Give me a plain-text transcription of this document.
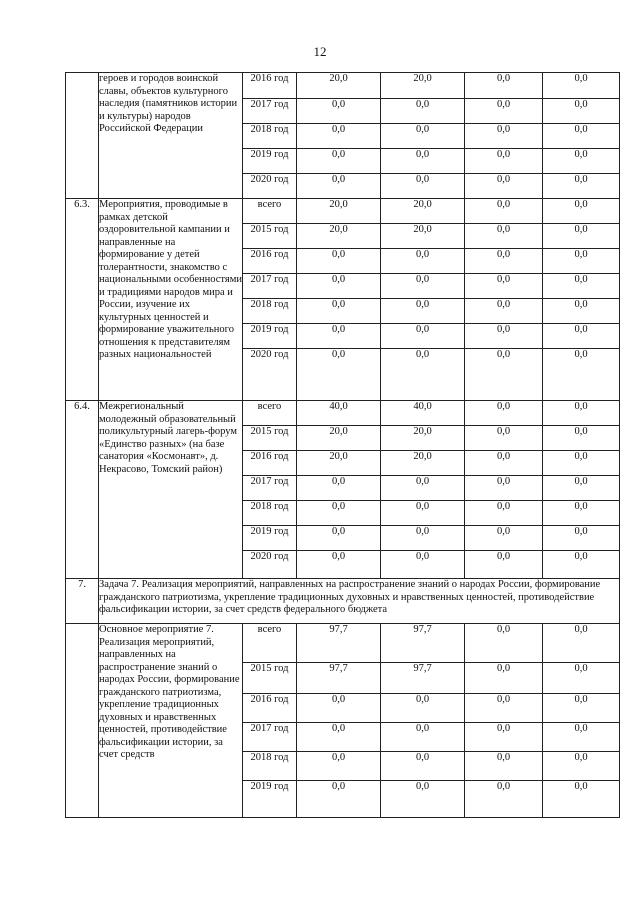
12
	героев и городов воинской славы, объектов культурного наследия (памятников истории и культуры) народов Российской Федерации	2016 год	20,0	20,0	0,0	0,0
		2017 год	0,0	0,0	0,0	0,0
		2018 год	0,0	0,0	0,0	0,0
		2019 год	0,0	0,0	0,0	0,0
		2020 год	0,0	0,0	0,0	0,0
6.3.	Мероприятия, проводимые в рамках детской оздоровительной кампании и направленные на формирование у детей толерантности, знакомство с национальными особенностями и традициями народов мира и России, изучение их культурных ценностей и формирование уважительного отношения к представителям разных национальностей	всего	20,0	20,0	0,0	0,0
		2015 год	20,0	20,0	0,0	0,0
		2016 год	0,0	0,0	0,0	0,0
		2017 год	0,0	0,0	0,0	0,0
		2018 год	0,0	0,0	0,0	0,0
		2019 год	0,0	0,0	0,0	0,0
		2020 год	0,0	0,0	0,0	0,0
6.4.	Межрегиональный молодежный образовательный поликультурный лагерь-форум «Единство разных» (на базе санатория «Космонавт», д. Некрасово, Томский район)	всего	40,0	40,0	0,0	0,0
		2015 год	20,0	20,0	0,0	0,0
		2016 год	20,0	20,0	0,0	0,0
		2017 год	0,0	0,0	0,0	0,0
		2018 год	0,0	0,0	0,0	0,0
		2019 год	0,0	0,0	0,0	0,0
		2020 год	0,0	0,0	0,0	0,0
7.	Задача 7. Реализация мероприятий, направленных на распространение знаний о народах России, формирование гражданского патриотизма, укрепление традиционных духовных и нравственных ценностей, противодействие фальсификации истории, за счет средств федерального бюджета					
	Основное мероприятие 7. Реализация мероприятий, направленных на распространение знаний о народах России, формирование гражданского патриотизма, укрепление традиционных духовных и нравственных ценностей, противодействие фальсификации истории, за счет средств	всего	97,7	97,7	0,0	0,0
		2015 год	97,7	97,7	0,0	0,0
		2016 год	0,0	0,0	0,0	0,0
		2017 год	0,0	0,0	0,0	0,0
		2018 год	0,0	0,0	0,0	0,0
		2019 год	0,0	0,0	0,0	0,0
